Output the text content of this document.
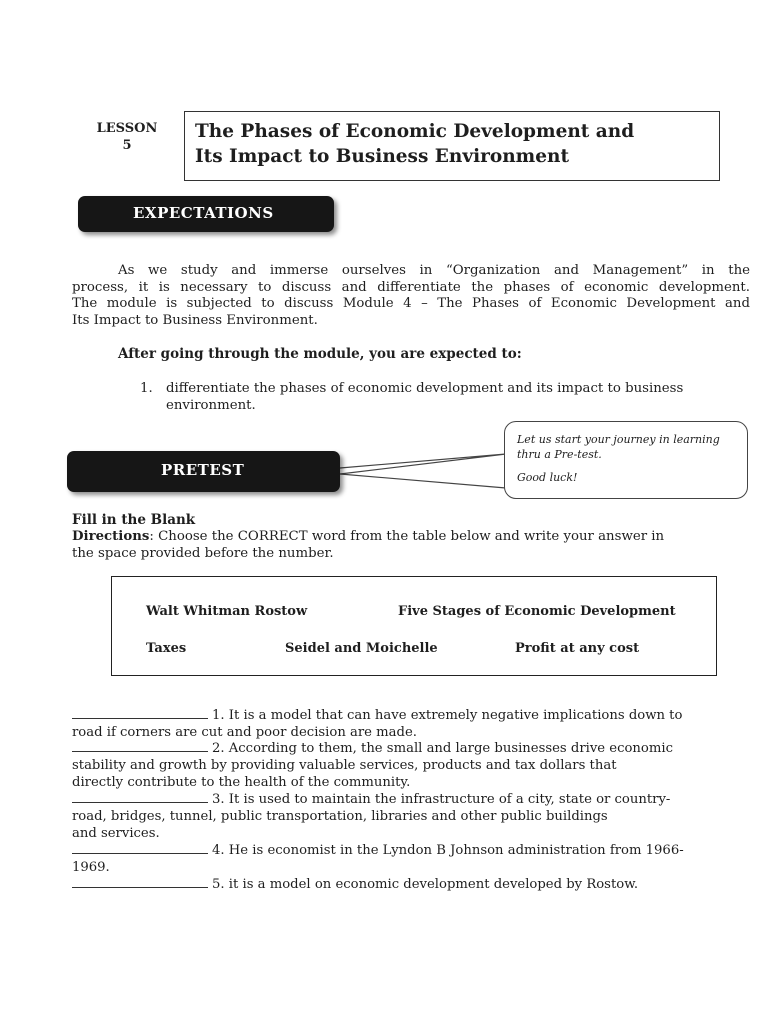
LESSON
5
The Phases of Economic Development and
Its Impact to Business Environment
EXPECTATIONS
As we study and immerse ourselves in “Organization and Management” in the
process, it is necessary to discuss and differentiate the phases of economic development.
The module is subjected to discuss Module 4 – The Phases of Economic Development and
Its Impact to Business Environment.
After going through the module, you are expected to:
1. differentiate the phases of economic development and its impact to business
environment.
PRETEST
Let us start your journey in learning
thru a Pre-test.
Good luck!
Fill in the Blank
Directions: Choose the CORRECT word from the table below and write your answer in
the space provided before the number.
Walt Whitman Rostow	Five Stages of Economic Development
Taxes	Seidel and Moichelle	Profit at any cost
1. It is a model that can have extremely negative implications down to
road if corners are cut and poor decision are made.
2. According to them, the small and large businesses drive economic
stability and growth by providing valuable services, products and tax dollars that
directly contribute to the health of the community.
3. It is used to maintain the infrastructure of a city, state or country-
road, bridges, tunnel, public transportation, libraries and other public buildings
and services.
4. He is economist in the Lyndon B Johnson administration from 1966-
1969.
5. it is a model on economic development developed by Rostow.
